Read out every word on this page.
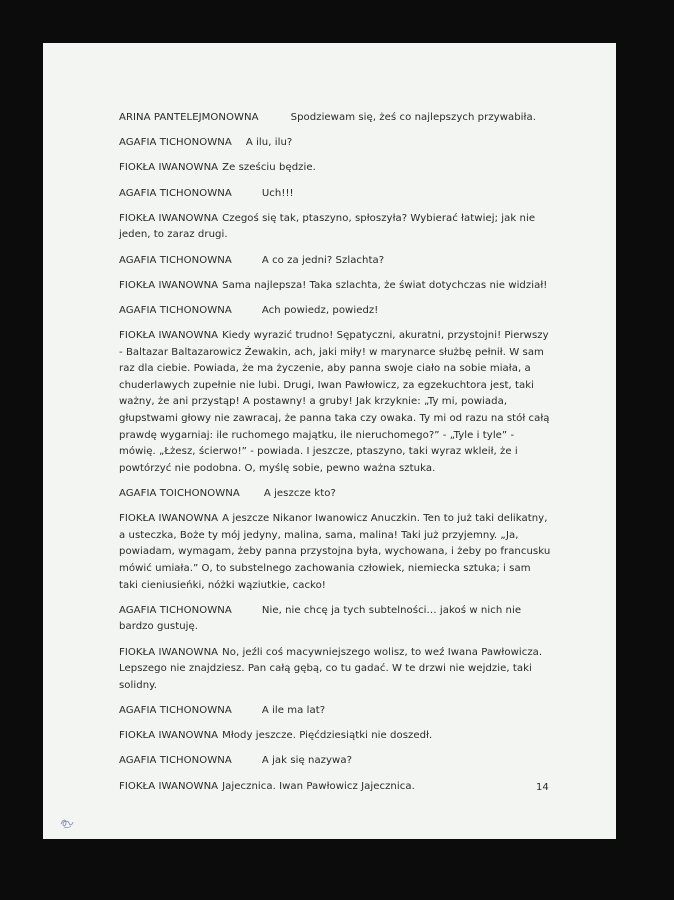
ARINA PANTELEJMONOWNA	Spodziewam się, żeś co najlepszych przywabiła.
AGAFIA TICHONOWNA A ilu, ilu?
FIOKŁA IWANOWNA Ze sześciu będzie.
AGAFIA TICHONOWNA	Uch!!!
FIOKŁA IWANOWNA Czegoś się tak, ptaszyno, spłoszyła? Wybierać łatwiej; jak nie jeden, to zaraz drugi.
AGAFIA TICHONOWNA	A co za jedni? Szlachta?
FIOKŁA IWANOWNA Sama najlepsza! Taka szlachta, że świat dotychczas nie widział!
AGAFIA TICHONOWNA	Ach powiedz, powiedz!
FIOKŁA IWANOWNA Kiedy wyrazić trudno! Sępatyczni, akuratni, przystojni! Pierwszy - Baltazar Baltazarowicz Żewakin, ach, jaki miły! w marynarce służbę pełnił. W sam raz dla ciebie. Powiada, że ma życzenie, aby panna swoje ciało na sobie miała, a chuderlawych zupełnie nie lubi. Drugi, Iwan Pawłowicz, za egzekuchtora jest, taki ważny, że ani przystąp! A postawny! a gruby! Jak krzyknie: „Ty mi, powiada, głupstwami głowy nie zawracaj, że panna taka czy owaka. Ty mi od razu na stół całą prawdę wygarniaj: ile ruchomego majątku, ile nieruchomego?” - „Tyle i tyle” - mówię. „Łżesz, ścierwo!” - powiada. I jeszcze, ptaszyno, taki wyraz wkleił, że i powtórzyć nie podobna. O, myślę sobie, pewno ważna sztuka.
AGAFIA TOICHONOWNA A jeszcze kto?
FIOKŁA IWANOWNA A jeszcze Nikanor Iwanowicz Anuczkin. Ten to już taki delikatny, a usteczka, Boże ty mój jedyny, malina, sama, malina! Taki już przyjemny. „Ja, powiadam, wymagam, żeby panna przystojna była, wychowana, i żeby po francusku mówić umiała.” O, to substelnego zachowania człowiek, niemiecka sztuka; i sam taki cieniusieńki, nóżki wąziutkie, cacko!
AGAFIA TICHONOWNA	Nie, nie chcę ja tych subtelności… jakoś w nich nie bardzo gustuję.
FIOKŁA IWANOWNA No, jeźli coś macywniejszego wolisz, to weź Iwana Pawłowicza. Lepszego nie znajdziesz. Pan całą gębą, co tu gadać. W te drzwi nie wejdzie, taki solidny.
AGAFIA TICHONOWNA	A ile ma lat?
FIOKŁA IWANOWNA Młody jeszcze. Pięćdziesiątki nie doszedł.
AGAFIA TICHONOWNA	A jak się nazywa?
FIOKŁA IWANOWNA Jajecznica. Iwan Pawłowicz Jajecznica.	14
